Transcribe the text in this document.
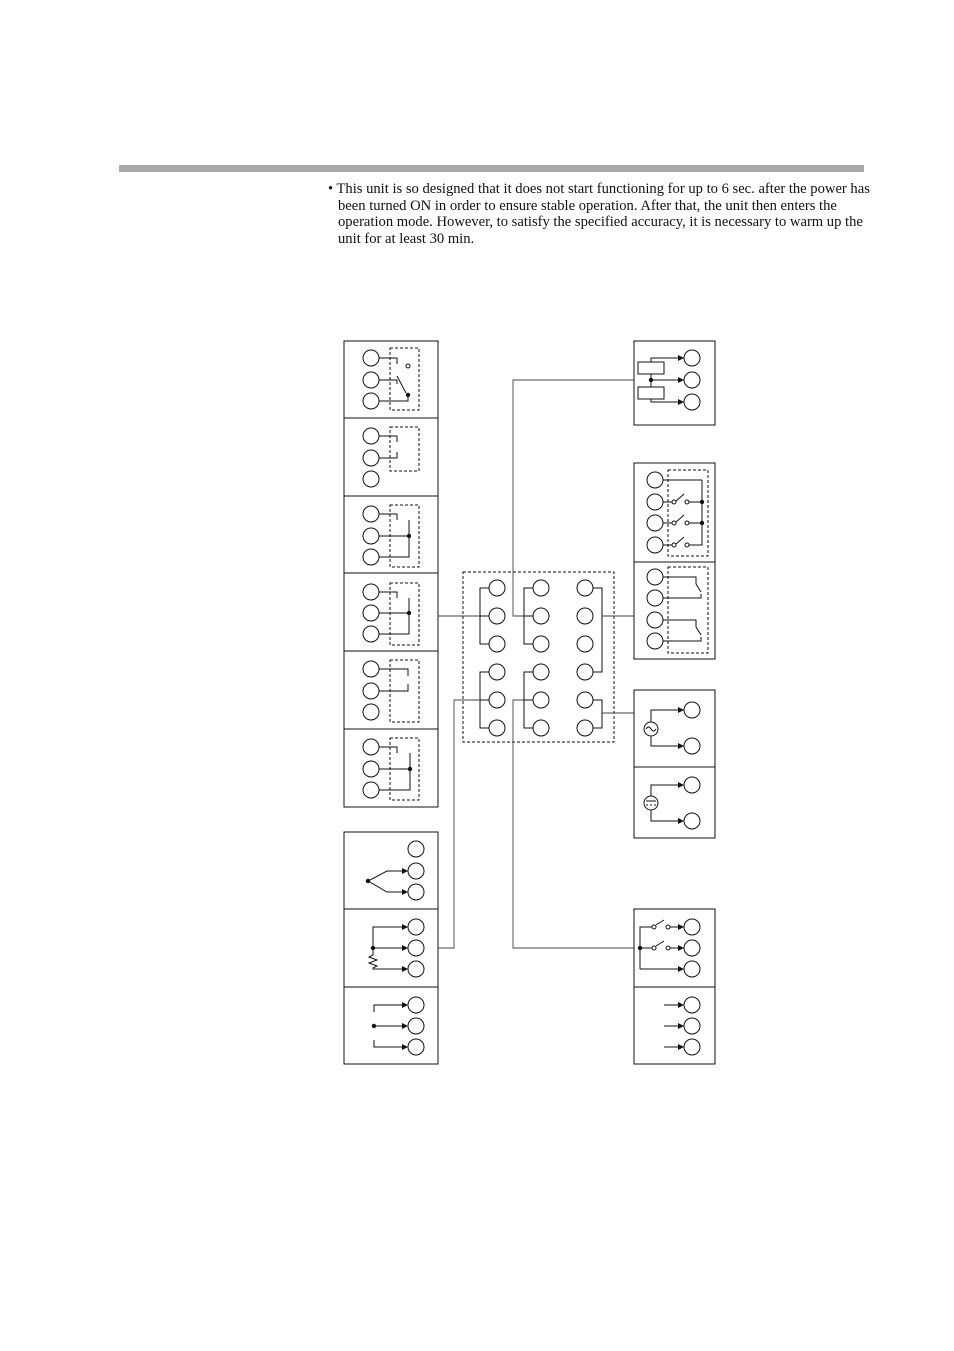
• This unit is so designed that it does not start functioning for up to 6 sec. after the power has been turned ON in order to ensure stable operation. After that, the unit then enters the operation mode. However, to satisfy the specified accuracy, it is necessary to warm up the unit for at least 30 min.
